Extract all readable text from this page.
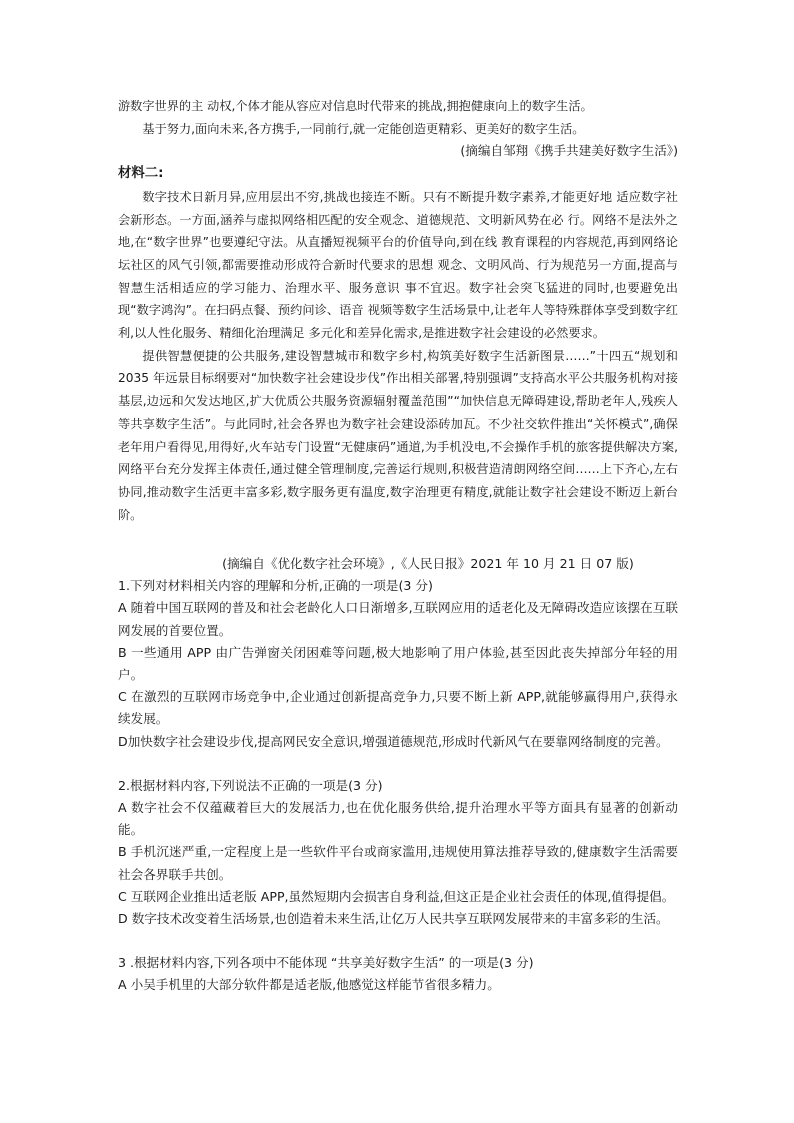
游数字世界的主 动权,个体才能从容应对信息时代带来的挑战,拥抱健康向上的数字生活。

基于努力,面向未来,各方携手,一同前行,就一定能创造更精彩、更美好的数字生活。

(摘编自邹翔《携手共建美好数字生活》)

材料二:

数字技术日新月异,应用层出不穷,挑战也接连不断。只有不断提升数字素养,才能更好地 适应数字社会新形态。一方面,涵养与虚拟网络相匹配的安全观念、道德规范、文明新风势在必 行。网络不是法外之地,在“数字世界”也要遵纪守法。从直播短视频平台的价值导向,到在线 教育课程的内容规范,再到网络论坛社区的风气引领,都需要推动形成符合新时代要求的思想 观念、文明风尚、行为规范另一方面,提高与智慧生活相适应的学习能力、治理水平、服务意识 事不宜迟。数字社会突飞猛进的同时,也要避免出现“数字鸿沟”。在扫码点餐、预约问诊、语音 视频等数字生活场景中,让老年人等特殊群体享受到数字红利,以人性化服务、精细化治理满足 多元化和差异化需求,是推进数字社会建设的必然要求。

提供智慧便捷的公共服务,建设智慧城市和数字乡村,构筑美好数字生活新图景……”十四五“规划和 2035 年远景目标纲要对“加快数字社会建设步伐”作出相关部署,特别强调”支持高水平公共服务机构对接基层,边远和欠发达地区,扩大优质公共服务资源辐射覆盖范围”“加快信息无障碍建设,帮助老年人,残疾人等共享数字生活”。与此同时,社会各界也为数字社会建设添砖加瓦。不少社交软件推出“关怀模式”,确保老年用户看得见,用得好,火车站专门设置“无健康码”通道,为手机没电,不会操作手机的旅客提供解决方案,网络平台充分发挥主体责任,通过健全管理制度,完善运行规则,积极营造清朗网络空间……上下齐心,左右协同,推动数字生活更丰富多彩,数字服务更有温度,数字治理更有精度,就能让数字社会建设不断迈上新台阶。

(摘编自《优化数字社会环境》,《人民日报》2021 年 10 月 21 日 07 版)

1.下列对材料相关内容的理解和分析,正确的一项是(3 分)

A 随着中国互联网的普及和社会老龄化人口日渐增多,互联网应用的适老化及无障碍改造应该摆在互联网发展的首要位置。

B 一些通用 APP 由广告弹窗关闭困难等问题,极大地影响了用户体验,甚至因此丧失掉部分年轻的用户。

C 在激烈的互联网市场竞争中,企业通过创新提高竞争力,只要不断上新 APP,就能够赢得用户,获得永续发展。

D加快数字社会建设步伐,提高网民安全意识,增强道德规范,形成时代新风气在要靠网络制度的完善。

2.根据材料内容,下列说法不正确的一项是(3 分)

A 数字社会不仅蕴藏着巨大的发展活力,也在优化服务供给,提升治理水平等方面具有显著的创新动能。

B 手机沉迷严重,一定程度上是一些软件平台或商家滥用,违规使用算法推荐导致的,健康数字生活需要社会各界联手共创。

C 互联网企业推出适老版 APP,虽然短期内会损害自身利益,但这正是企业社会责任的体现,值得提倡。

D 数字技术改变着生活场景,也创造着未来生活,让亿万人民共享互联网发展带来的丰富多彩的生活。

3 .根据材料内容,下列各项中不能体现 “共享美好数字生活” 的一项是(3 分)

A 小吴手机里的大部分软件都是适老版,他感觉这样能节省很多精力。
